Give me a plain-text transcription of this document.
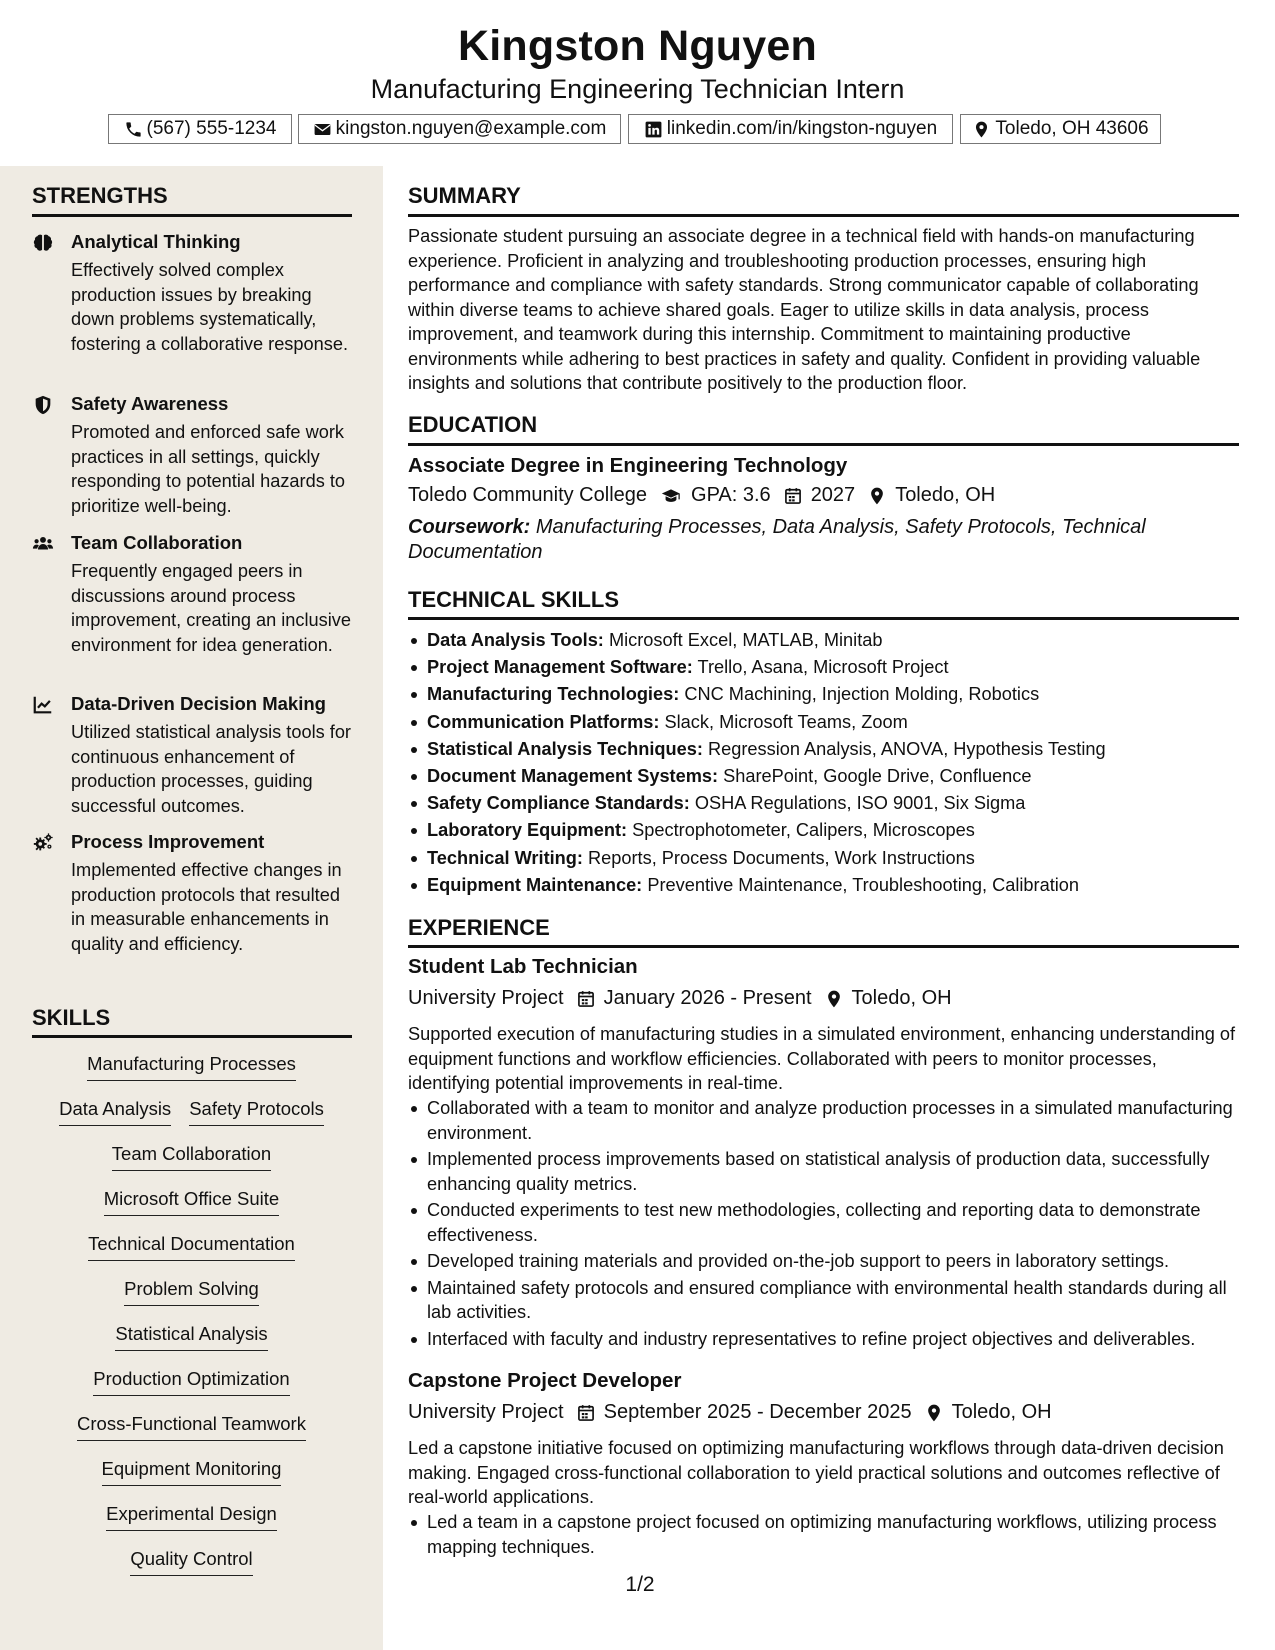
Kingston Nguyen
Manufacturing Engineering Technician Intern
(567) 555-1234	kingston.nguyen@example.com	linkedin.com/in/kingston-nguyen	Toledo, OH 43606
STRENGTHS
Analytical Thinking
Effectively solved complex production issues by breaking down problems systematically, fostering a collaborative response.
Safety Awareness
Promoted and enforced safe work practices in all settings, quickly responding to potential hazards to prioritize well-being.
Team Collaboration
Frequently engaged peers in discussions around process improvement, creating an inclusive environment for idea generation.
Data-Driven Decision Making
Utilized statistical analysis tools for continuous enhancement of production processes, guiding successful outcomes.
Process Improvement
Implemented effective changes in production protocols that resulted in measurable enhancements in quality and efficiency.
SKILLS
Manufacturing Processes
Data Analysis Safety Protocols
Team Collaboration
Microsoft Office Suite
Technical Documentation
Problem Solving
Statistical Analysis
Production Optimization
Cross-Functional Teamwork
Equipment Monitoring
Experimental Design
Quality Control
SUMMARY
Passionate student pursuing an associate degree in a technical field with hands-on manufacturing experience. Proficient in analyzing and troubleshooting production processes, ensuring high performance and compliance with safety standards. Strong communicator capable of collaborating within diverse teams to achieve shared goals. Eager to utilize skills in data analysis, process improvement, and teamwork during this internship. Commitment to maintaining productive environments while adhering to best practices in safety and quality. Confident in providing valuable insights and solutions that contribute positively to the production floor.
EDUCATION
Associate Degree in Engineering Technology
Toledo Community College GPA: 3.6 2027 Toledo, OH
Coursework: Manufacturing Processes, Data Analysis, Safety Protocols, Technical Documentation
TECHNICAL SKILLS
Data Analysis Tools: Microsoft Excel, MATLAB, Minitab
Project Management Software: Trello, Asana, Microsoft Project
Manufacturing Technologies: CNC Machining, Injection Molding, Robotics
Communication Platforms: Slack, Microsoft Teams, Zoom
Statistical Analysis Techniques: Regression Analysis, ANOVA, Hypothesis Testing
Document Management Systems: SharePoint, Google Drive, Confluence
Safety Compliance Standards: OSHA Regulations, ISO 9001, Six Sigma
Laboratory Equipment: Spectrophotometer, Calipers, Microscopes
Technical Writing: Reports, Process Documents, Work Instructions
Equipment Maintenance: Preventive Maintenance, Troubleshooting, Calibration
EXPERIENCE
Student Lab Technician
University Project January 2026 - Present Toledo, OH
Supported execution of manufacturing studies in a simulated environment, enhancing understanding of equipment functions and workflow efficiencies. Collaborated with peers to monitor processes, identifying potential improvements in real-time.
Collaborated with a team to monitor and analyze production processes in a simulated manufacturing environment.
Implemented process improvements based on statistical analysis of production data, successfully enhancing quality metrics.
Conducted experiments to test new methodologies, collecting and reporting data to demonstrate effectiveness.
Developed training materials and provided on-the-job support to peers in laboratory settings.
Maintained safety protocols and ensured compliance with environmental health standards during all lab activities.
Interfaced with faculty and industry representatives to refine project objectives and deliverables.
Capstone Project Developer
University Project September 2025 - December 2025 Toledo, OH
Led a capstone initiative focused on optimizing manufacturing workflows through data-driven decision making. Engaged cross-functional collaboration to yield practical solutions and outcomes reflective of real-world applications.
Led a team in a capstone project focused on optimizing manufacturing workflows, utilizing process mapping techniques.
1/2
